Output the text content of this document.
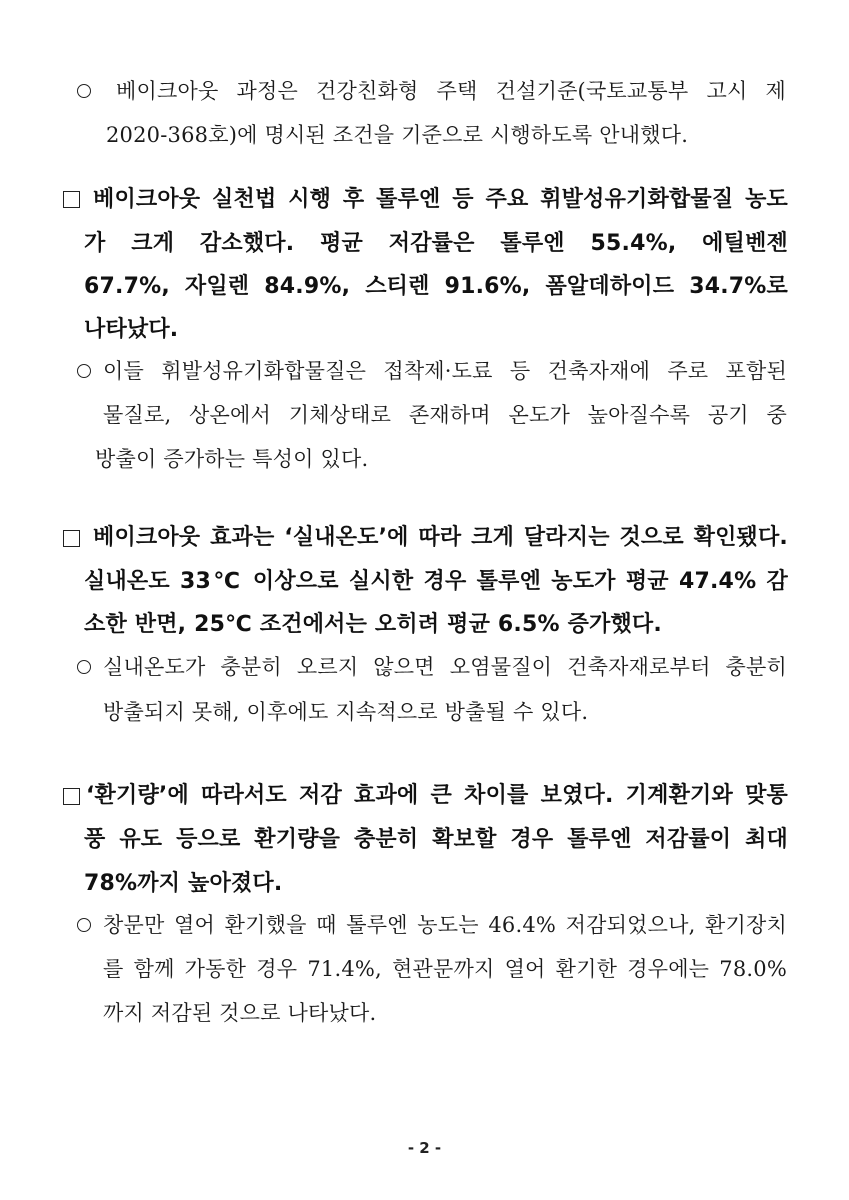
베이크아웃 과정은 건강친화형 주택 건설기준(국토교통부 고시 제
2020-368호)에 명시된 조건을 기준으로 시행하도록 안내했다.
베이크아웃 실천법 시행 후 톨루엔 등 주요 휘발성유기화합물질 농도
가 크게 감소했다. 평균 저감률은 톨루엔 55.4%, 에틸벤젠
67.7%, 자일렌 84.9%, 스티렌 91.6%, 폼알데하이드 34.7%로
나타났다.
이들 휘발성유기화합물질은 접착제·도료 등 건축자재에 주로 포함된
물질로, 상온에서 기체상태로 존재하며 온도가 높아질수록 공기 중
방출이 증가하는 특성이 있다.
베이크아웃 효과는 ‘실내온도’에 따라 크게 달라지는 것으로 확인됐다.
실내온도 33℃ 이상으로 실시한 경우 톨루엔 농도가 평균 47.4% 감
소한 반면, 25℃ 조건에서는 오히려 평균 6.5% 증가했다.
실내온도가 충분히 오르지 않으면 오염물질이 건축자재로부터 충분히
방출되지 못해, 이후에도 지속적으로 방출될 수 있다.
‘환기량’에 따라서도 저감 효과에 큰 차이를 보였다. 기계환기와 맞통
풍 유도 등으로 환기량을 충분히 확보할 경우 톨루엔 저감률이 최대
78%까지 높아졌다.
창문만 열어 환기했을 때 톨루엔 농도는 46.4% 저감되었으나, 환기장치
를 함께 가동한 경우 71.4%, 현관문까지 열어 환기한 경우에는 78.0%
까지 저감된 것으로 나타났다.
- 2 -
